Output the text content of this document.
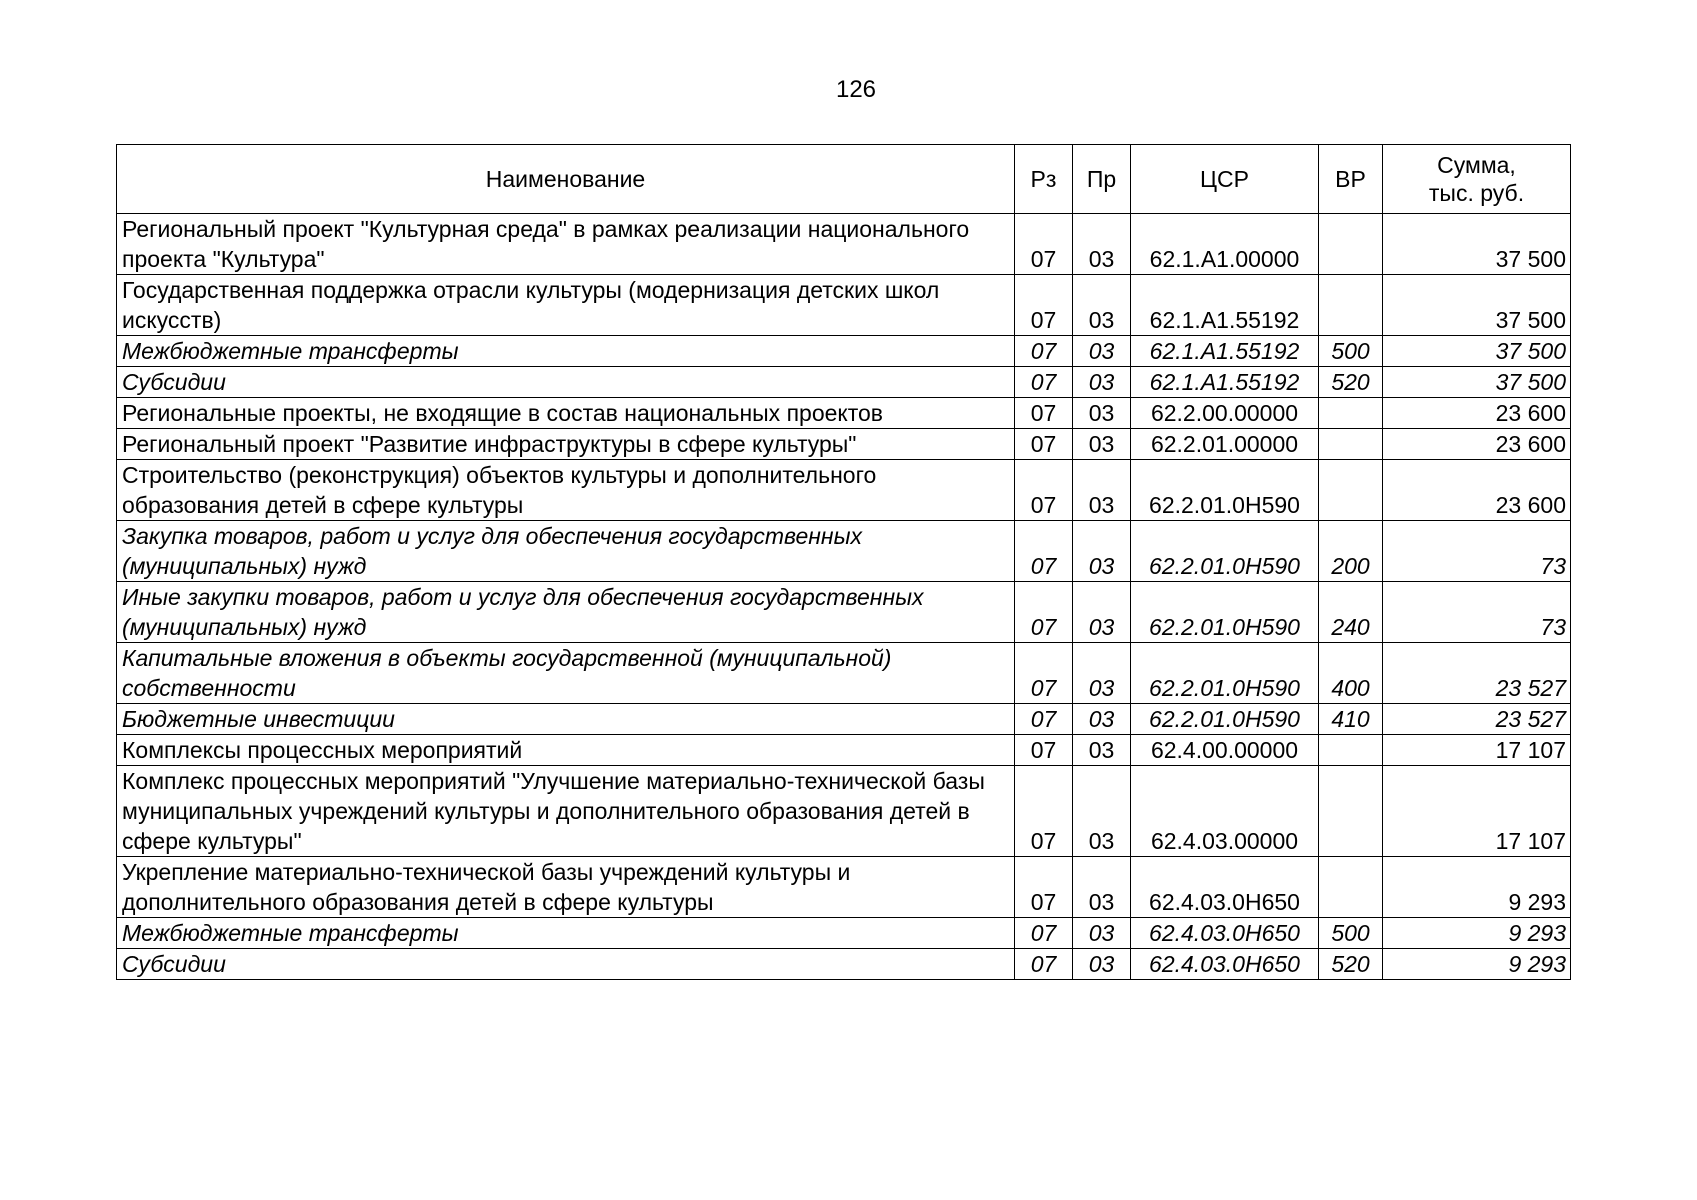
126
Наименование	Рз	Пр	ЦСР	ВР	Сумма,
тыс. руб.

Региональный проект "Культурная среда" в рамках реализации национального проекта "Культура"	07	03	62.1.А1.00000		37 500
Государственная поддержка отрасли культуры (модернизация детских школ искусств)	07	03	62.1.А1.55192		37 500
Межбюджетные трансферты	07	03	62.1.А1.55192	500	37 500
Субсидии	07	03	62.1.А1.55192	520	37 500
Региональные проекты, не входящие в состав национальных проектов	07	03	62.2.00.00000		23 600
Региональный проект "Развитие инфраструктуры в сфере культуры"	07	03	62.2.01.00000		23 600
Строительство (реконструкция) объектов культуры и дополнительного образования детей в сфере культуры	07	03	62.2.01.0Н590		23 600
Закупка товаров, работ и услуг для обеспечения государственных (муниципальных) нужд	07	03	62.2.01.0Н590	200	73
Иные закупки товаров, работ и услуг для обеспечения государственных (муниципальных) нужд	07	03	62.2.01.0Н590	240	73
Капитальные вложения в объекты государственной (муниципальной) собственности	07	03	62.2.01.0Н590	400	23 527
Бюджетные инвестиции	07	03	62.2.01.0Н590	410	23 527
Комплексы процессных мероприятий	07	03	62.4.00.00000		17 107
Комплекс процессных мероприятий "Улучшение материально-технической базы муниципальных учреждений культуры и дополнительного образования детей в сфере культуры"	07	03	62.4.03.00000		17 107
Укрепление материально-технической базы учреждений культуры и дополнительного образования детей в сфере культуры	07	03	62.4.03.0Н650		9 293
Межбюджетные трансферты	07	03	62.4.03.0Н650	500	9 293
Субсидии	07	03	62.4.03.0Н650	520	9 293
